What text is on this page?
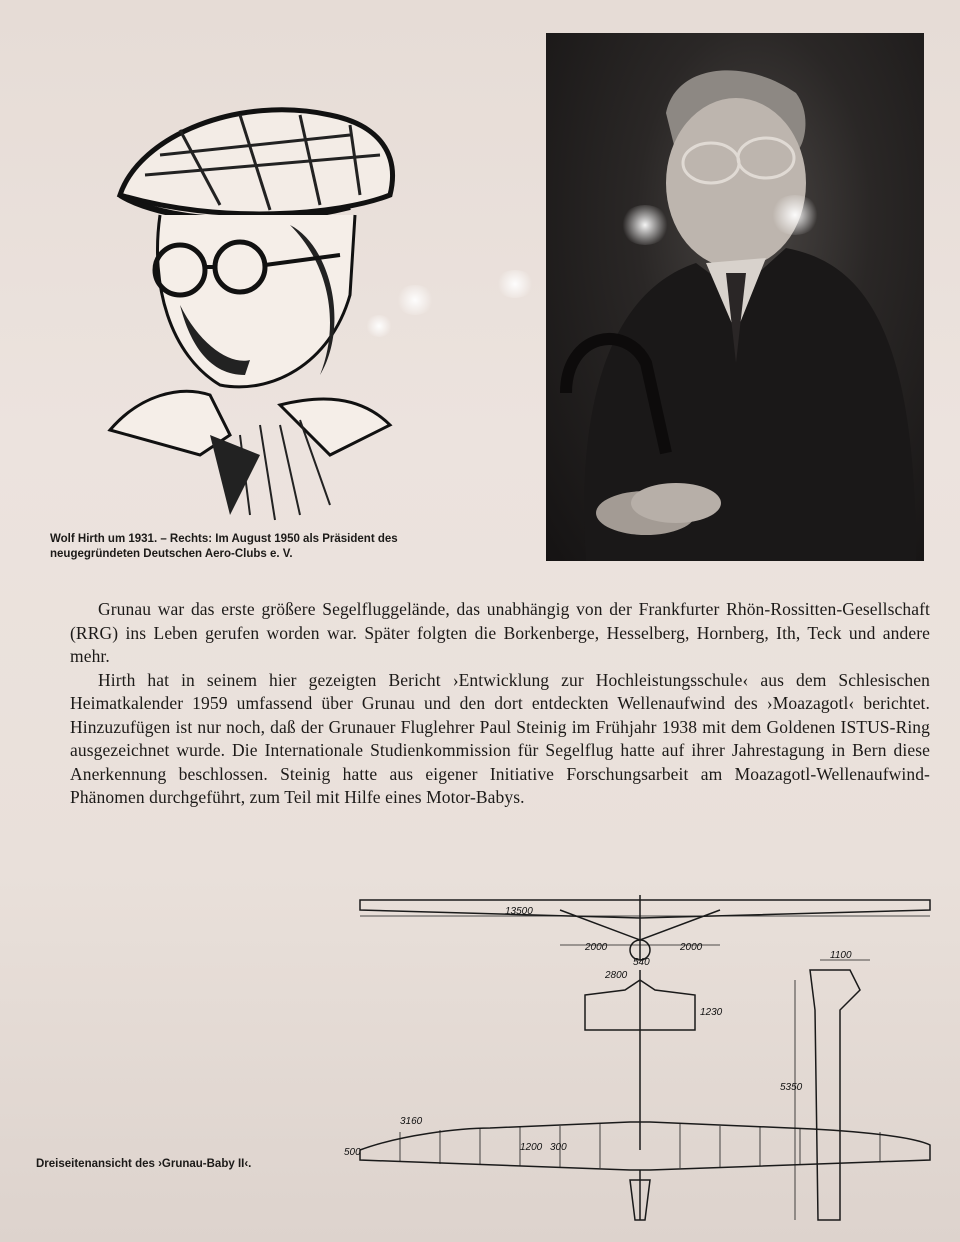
Wolf Hirth um 1931. – Rechts: Im August 1950 als Präsident des neugegründeten Deutschen Aero-Clubs e. V.

Grunau war das erste größere Segelfluggelände, das unabhängig von der Frankfurter Rhön-Rossitten-Gesellschaft (RRG) ins Leben gerufen worden war. Später folgten die Borkenberge, Hesselberg, Hornberg, Ith, Teck und andere mehr.

Hirth hat in seinem hier gezeigten Bericht ›Entwicklung zur Hochleistungsschule‹ aus dem Schlesischen Heimatkalender 1959 umfassend über Grunau und den dort entdeckten Wellenaufwind des ›Moazagotl‹ berichtet. Hinzuzufügen ist nur noch, daß der Grunauer Fluglehrer Paul Steinig im Frühjahr 1938 mit dem Goldenen ISTUS-Ring ausgezeichnet wurde. Die Internationale Studienkommission für Segelflug hatte auf ihrer Jahrestagung in Bern diese Anerkennung beschlossen. Steinig hatte aus eigener Initiative Forschungsarbeit am Moazagotl-Wellenaufwind-Phänomen durchgeführt, zum Teil mit Hilfe eines Motor-Babys.

13500
2000	2000
540
2800
1230
1100
5350
3160
1200 300
500
Dreiseitenansicht des ›Grunau-Baby II‹.
